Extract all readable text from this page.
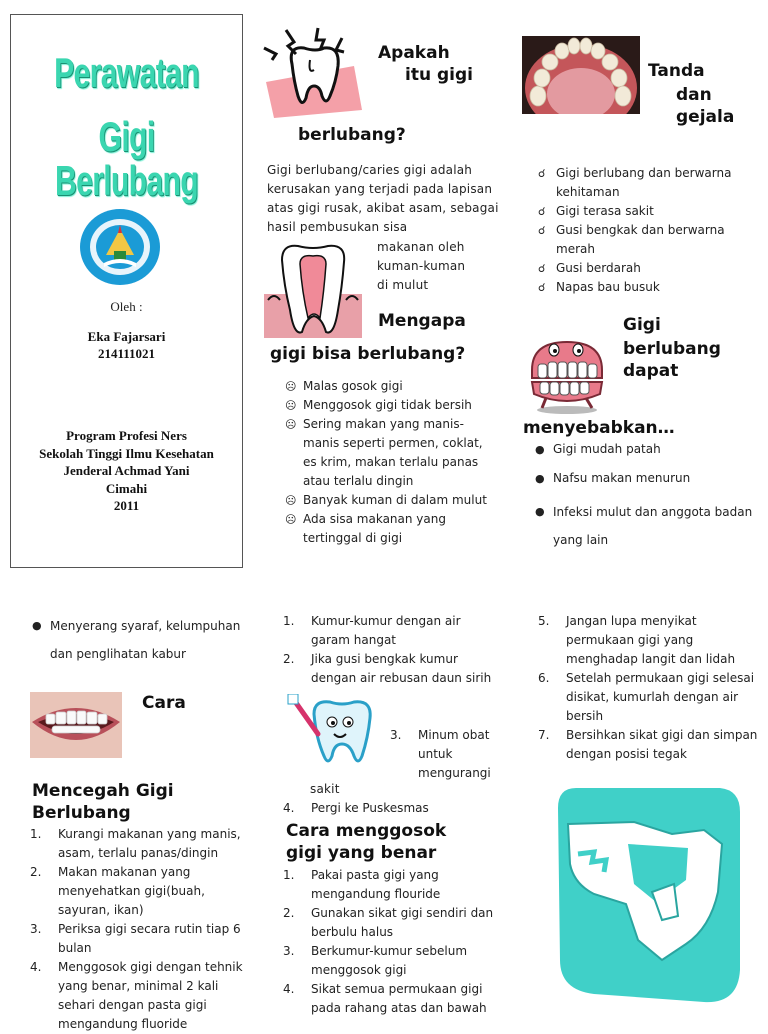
Perawatan
Gigi Berlubang
Oleh :
Eka Fajarsari
214111021
Program Profesi Ners
Sekolah Tinggi Ilmu Kesehatan
Jenderal Achmad Yani
Cimahi
2011
Apakah
itu gigi
berlubang?
Gigi berlubang/caries gigi adalah kerusakan yang terjadi pada lapisan atas gigi rusak, akibat asam, sebagai hasil pembusukan sisa
makanan oleh kuman-kuman di mulut
Mengapa
gigi bisa berlubang?
☹ Malas gosok gigi
☹ Menggosok gigi tidak bersih
☹ Sering makan yang manis-manis seperti permen, coklat, es krim, makan terlalu panas atau terlalu dingin
☹ Banyak kuman di dalam mulut
☹ Ada sisa makanan yang tertinggal di gigi
Tanda
dan
gejala
☌ Gigi berlubang dan berwarna kehitaman
☌ Gigi terasa sakit
☌ Gusi bengkak dan berwarna merah
☌ Gusi berdarah
☌ Napas bau busuk
Gigi
berlubang
dapat
menyebabkan…
● Gigi mudah patah
● Nafsu makan menurun
● Infeksi mulut dan anggota badan yang lain
● Menyerang syaraf, kelumpuhan dan penglihatan kabur
Cara
Mencegah Gigi Berlubang
1. Kurangi makanan yang manis, asam, terlalu panas/dingin
2. Makan makanan yang menyehatkan gigi(buah, sayuran, ikan)
3. Periksa gigi secara rutin tiap 6 bulan
4. Menggosok gigi dengan tehnik yang benar, minimal 2 kali sehari dengan pasta gigi mengandung fluoride
1. Kumur-kumur dengan air garam hangat
2. Jika gusi bengkak kumur dengan air rebusan daun sirih
3. Minum obat untuk mengurangi
sakit
4. Pergi ke Puskesmas
Cara menggosok gigi yang benar
1. Pakai pasta gigi yang mengandung flouride
2. Gunakan sikat gigi sendiri dan berbulu halus
3. Berkumur-kumur sebelum menggosok gigi
4. Sikat semua permukaan gigi pada rahang atas dan bawah
5. Jangan lupa menyikat permukaan gigi yang menghadap langit dan lidah
6. Setelah permukaan gigi selesai disikat, kumurlah dengan air bersih
7. Bersihkan sikat gigi dan simpan dengan posisi tegak
